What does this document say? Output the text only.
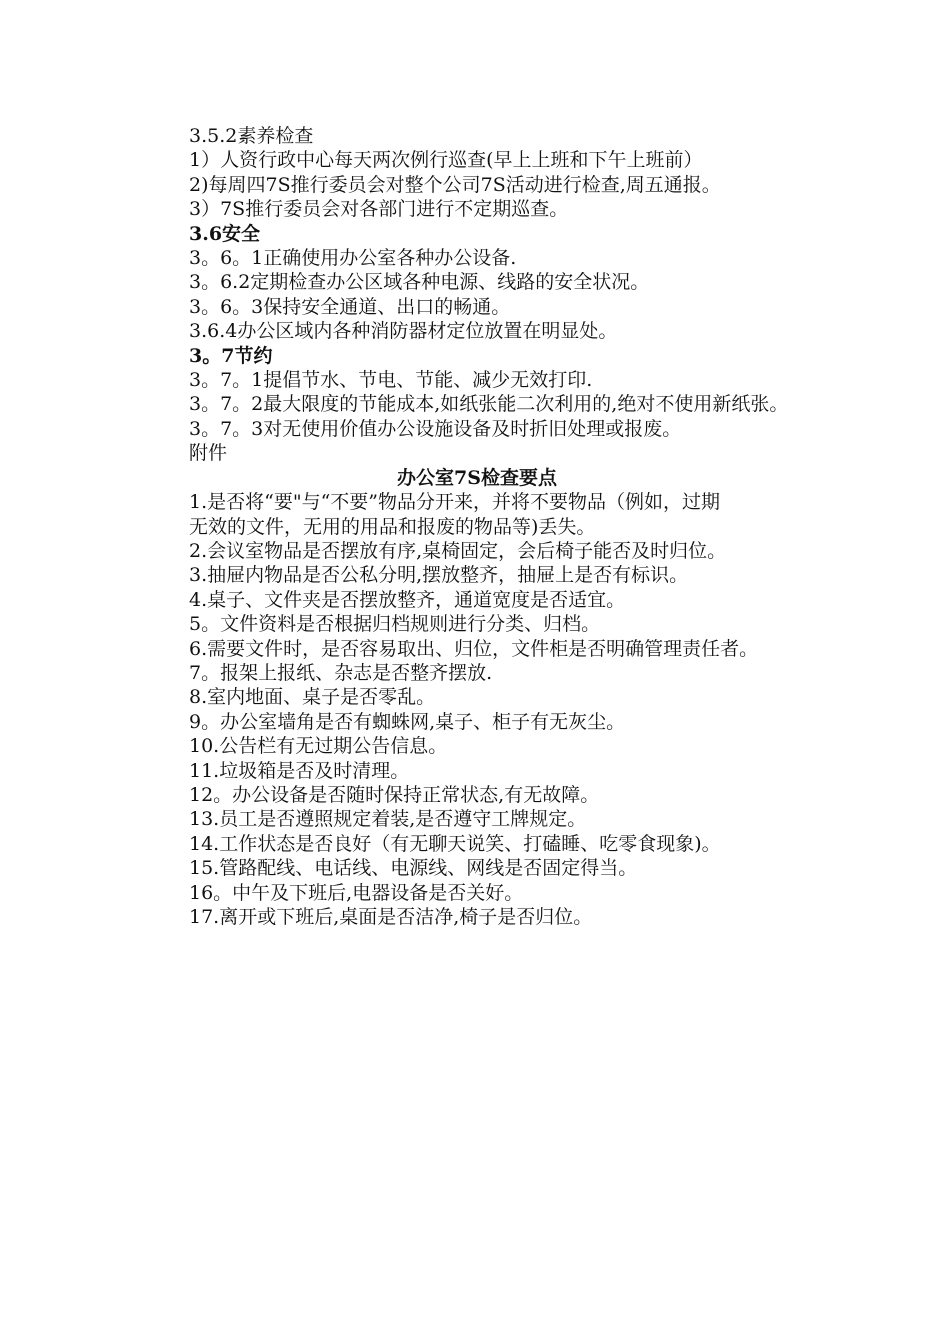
3.5.2素养检查

1）人资行政中心每天两次例行巡查(早上上班和下午上班前）

2)每周四7S推行委员会对整个公司7S活动进行检查,周五通报。

3）7S推行委员会对各部门进行不定期巡查。

3.6安全

3。6。1正确使用办公室各种办公设备.

3。6.2定期检查办公区域各种电源、线路的安全状况。

3。6。3保持安全通道、出口的畅通。

3.6.4办公区域内各种消防器材定位放置在明显处。

3。7节约

3。7。1提倡节水、节电、节能、减少无效打印.

3。7。2最大限度的节能成本,如纸张能二次利用的,绝对不使用新纸张。

3。7。3对无使用价值办公设施设备及时折旧处理或报废。

附件

办公室7S检查要点

1.是否将“要"与“不要”物品分开来，并将不要物品（例如，过期

无效的文件，无用的用品和报废的物品等)丢失。

2.会议室物品是否摆放有序,桌椅固定，会后椅子能否及时归位。

3.抽屉内物品是否公私分明,摆放整齐，抽屉上是否有标识。

4.桌子、文件夹是否摆放整齐，通道宽度是否适宜。

5。文件资料是否根据归档规则进行分类、归档。

6.需要文件时，是否容易取出、归位，文件柜是否明确管理责任者。

7。报架上报纸、杂志是否整齐摆放.

8.室内地面、桌子是否零乱。

9。办公室墙角是否有蜘蛛网,桌子、柜子有无灰尘。

10.公告栏有无过期公告信息。

11.垃圾箱是否及时清理。

12。办公设备是否随时保持正常状态,有无故障。

13.员工是否遵照规定着装,是否遵守工牌规定。

14.工作状态是否良好（有无聊天说笑、打磕睡、吃零食现象)。

15.管路配线、电话线、电源线、网线是否固定得当。

16。中午及下班后,电器设备是否关好。

17.离开或下班后,桌面是否洁净,椅子是否归位。
